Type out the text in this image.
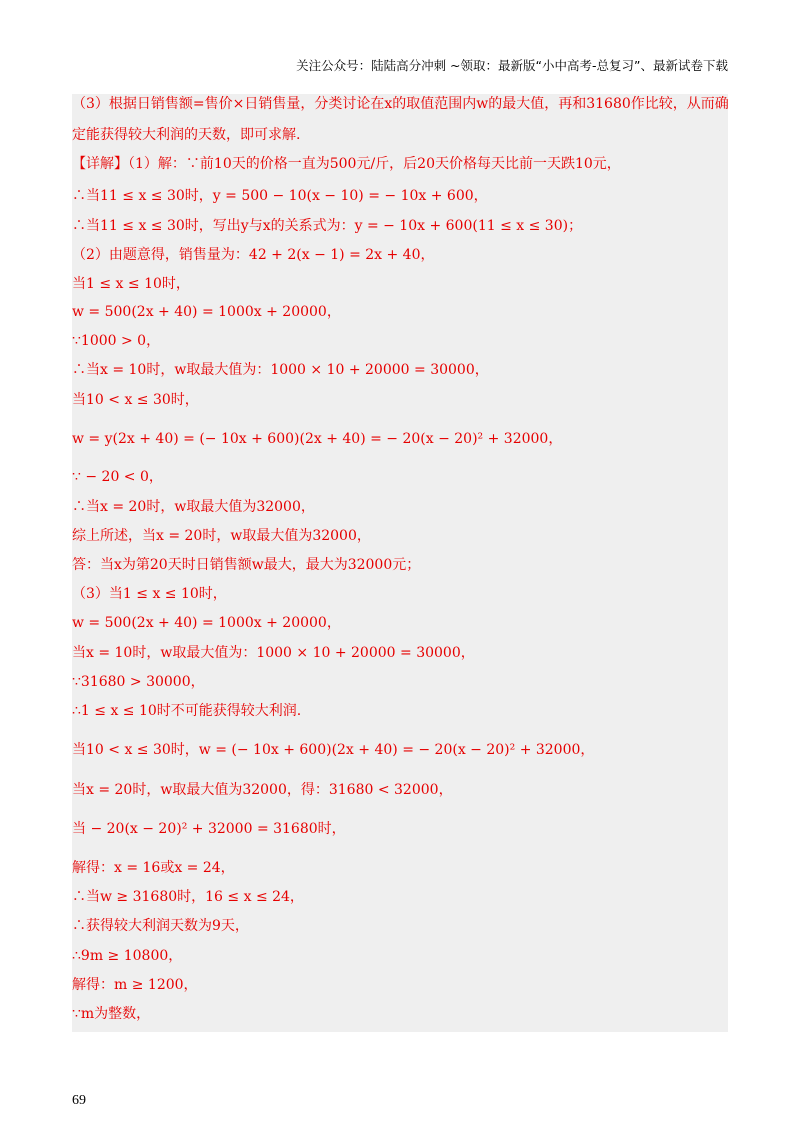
关注公众号：陆陆高分冲刺 ~领取：最新版“小中高考-总复习”、最新试卷下载
（3）根据日销售额=售价×日销售量，分类讨论在x的取值范围内w的最大值，再和31680作比较，从而确
定能获得较大利润的天数，即可求解.
【详解】（1）解：∵前10天的价格一直为500元/斤，后20天价格每天比前一天跌10元，
∴当11 ≤ x ≤ 30时，y = 500 − 10(x − 10) = − 10x + 600，
∴当11 ≤ x ≤ 30时，写出y与x的关系式为：y = − 10x + 600(11 ≤ x ≤ 30)；
（2）由题意得，销售量为：42 + 2(x − 1) = 2x + 40，
当1 ≤ x ≤ 10时，
w = 500(2x + 40) = 1000x + 20000，
∵1000 > 0，
∴当x = 10时，w取最大值为：1000 × 10 + 20000 = 30000，
当10 < x ≤ 30时，
w = y(2x + 40) = (− 10x + 600)(2x + 40) = − 20(x − 20)² + 32000，
∵ − 20 < 0，
∴当x = 20时，w取最大值为32000，
综上所述，当x = 20时，w取最大值为32000，
答：当x为第20天时日销售额w最大，最大为32000元；
（3）当1 ≤ x ≤ 10时，
w = 500(2x + 40) = 1000x + 20000，
当x = 10时，w取最大值为：1000 × 10 + 20000 = 30000，
∵31680 > 30000，
∴1 ≤ x ≤ 10时不可能获得较大利润.
当10 < x ≤ 30时，w = (− 10x + 600)(2x + 40) = − 20(x − 20)² + 32000，
当x = 20时，w取最大值为32000，得：31680 < 32000，
当 − 20(x − 20)² + 32000 = 31680时，
解得：x = 16或x = 24，
∴当w ≥ 31680时，16 ≤ x ≤ 24，
∴获得较大利润天数为9天，
∴9m ≥ 10800，
解得：m ≥ 1200，
∵m为整数，
69
